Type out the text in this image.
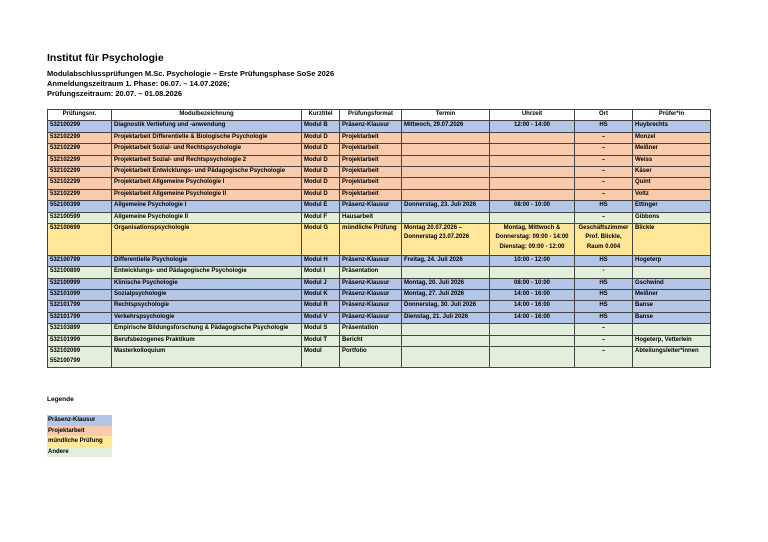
Institut für Psychologie
Modulabschlussprüfungen M.Sc. Psychologie – Erste Prüfungsphase SoSe 2026
Anmeldungszeitraum 1. Phase: 06.07. – 14.07.2026;
Prüfungszeitraum: 20.07. – 01.08.2026
Prüfungsnr.	Modulbezeichnung	Kurztitel	Prüfungsformat	Termin	Uhrzeit	Ort	Prüfer*in
532100299	Diagnostik Vertiefung und -anwendung	Modul B	Präsenz-Klausur	Mittwoch, 29.07.2026	12:00 - 14:00	HS	Huybrechts
532102299	Projektarbeit Differentielle & Biologische Psychologie	Modul D	Projektarbeit			–	Monzel
532102299	Projektarbeit Sozial- und Rechtspsychologie	Modul D	Projektarbeit			–	Meißner
532102299	Projektarbeit Sozial- und Rechtspsychologie 2	Modul D	Projektarbeit			–	Weiss
532102299	Projektarbeit Entwicklungs- und Pädagogische Psychologie	Modul D	Projektarbeit			–	Käser
532102299	Projektarbeit Allgemeine Psychologie I	Modul D	Projektarbeit			–	Quint
532102299	Projektarbeit Allgemeine Psychologie II	Modul D	Projektarbeit			–	Voltz
552100399	Allgemeine Psychologie I	Modul E	Präsenz-Klausur	Donnerstag, 23. Juli 2026	08:00 - 10:00	HS	Ettinger
532100599	Allgemeine Psychologie II	Modul F	Hausarbeit			–	Gibbons
532100699	Organisationspsychologie	Modul G	mündliche Prüfung	Montag 20.07.2026 – Donnerstag 23.07.2026	Montag, Mittwoch & Donnerstag: 09:00 - 14:00 Dienstag: 09:00 - 12:00	Geschäftszimmer Prof. Blickle, Raum 0.004	Blickle
532100799	Differentielle Psychologie	Modul H	Präsenz-Klausur	Freitag, 24. Juli 2026	10:00 - 12:00	HS	Hogeterp
532100899	Entwicklungs- und Pädagogische Psychologie	Modul I	Präsentation			-	
532100999	Klinische Psychologie	Modul J	Präsenz-Klausur	Montag, 20. Juli 2026	08:00 - 10:00	HS	Gschwind
532101099	Sozialpsychologie	Modul K	Präsenz-Klausur	Montag, 27. Juli 2026	14:00 - 16:00	HS	Meißner
532101799	Rechtspsychologie	Modul R	Präsenz-Klausur	Donnerstag, 30. Juli 2026	14:00 - 16:00	HS	Banse
532101799	Verkehrspsychologie	Modul V	Präsenz-Klausur	Dienstag, 21. Juli 2026	14:00 - 16:00	HS	Banse
532103899	Empirische Bildungsforschung & Pädagogische Psychologie	Modul S	Präsentation			–	
532101999	Berufsbezogenes Praktikum	Modul T	Bericht			–	Hogeterp, Vetterlein
532102099 552100799	Masterkolloquium	Modul	Portfolio			–	Abteilungsleiter*innen
Legende
Präsenz-Klausur
Projektarbeit
mündliche Prüfung
Andere
